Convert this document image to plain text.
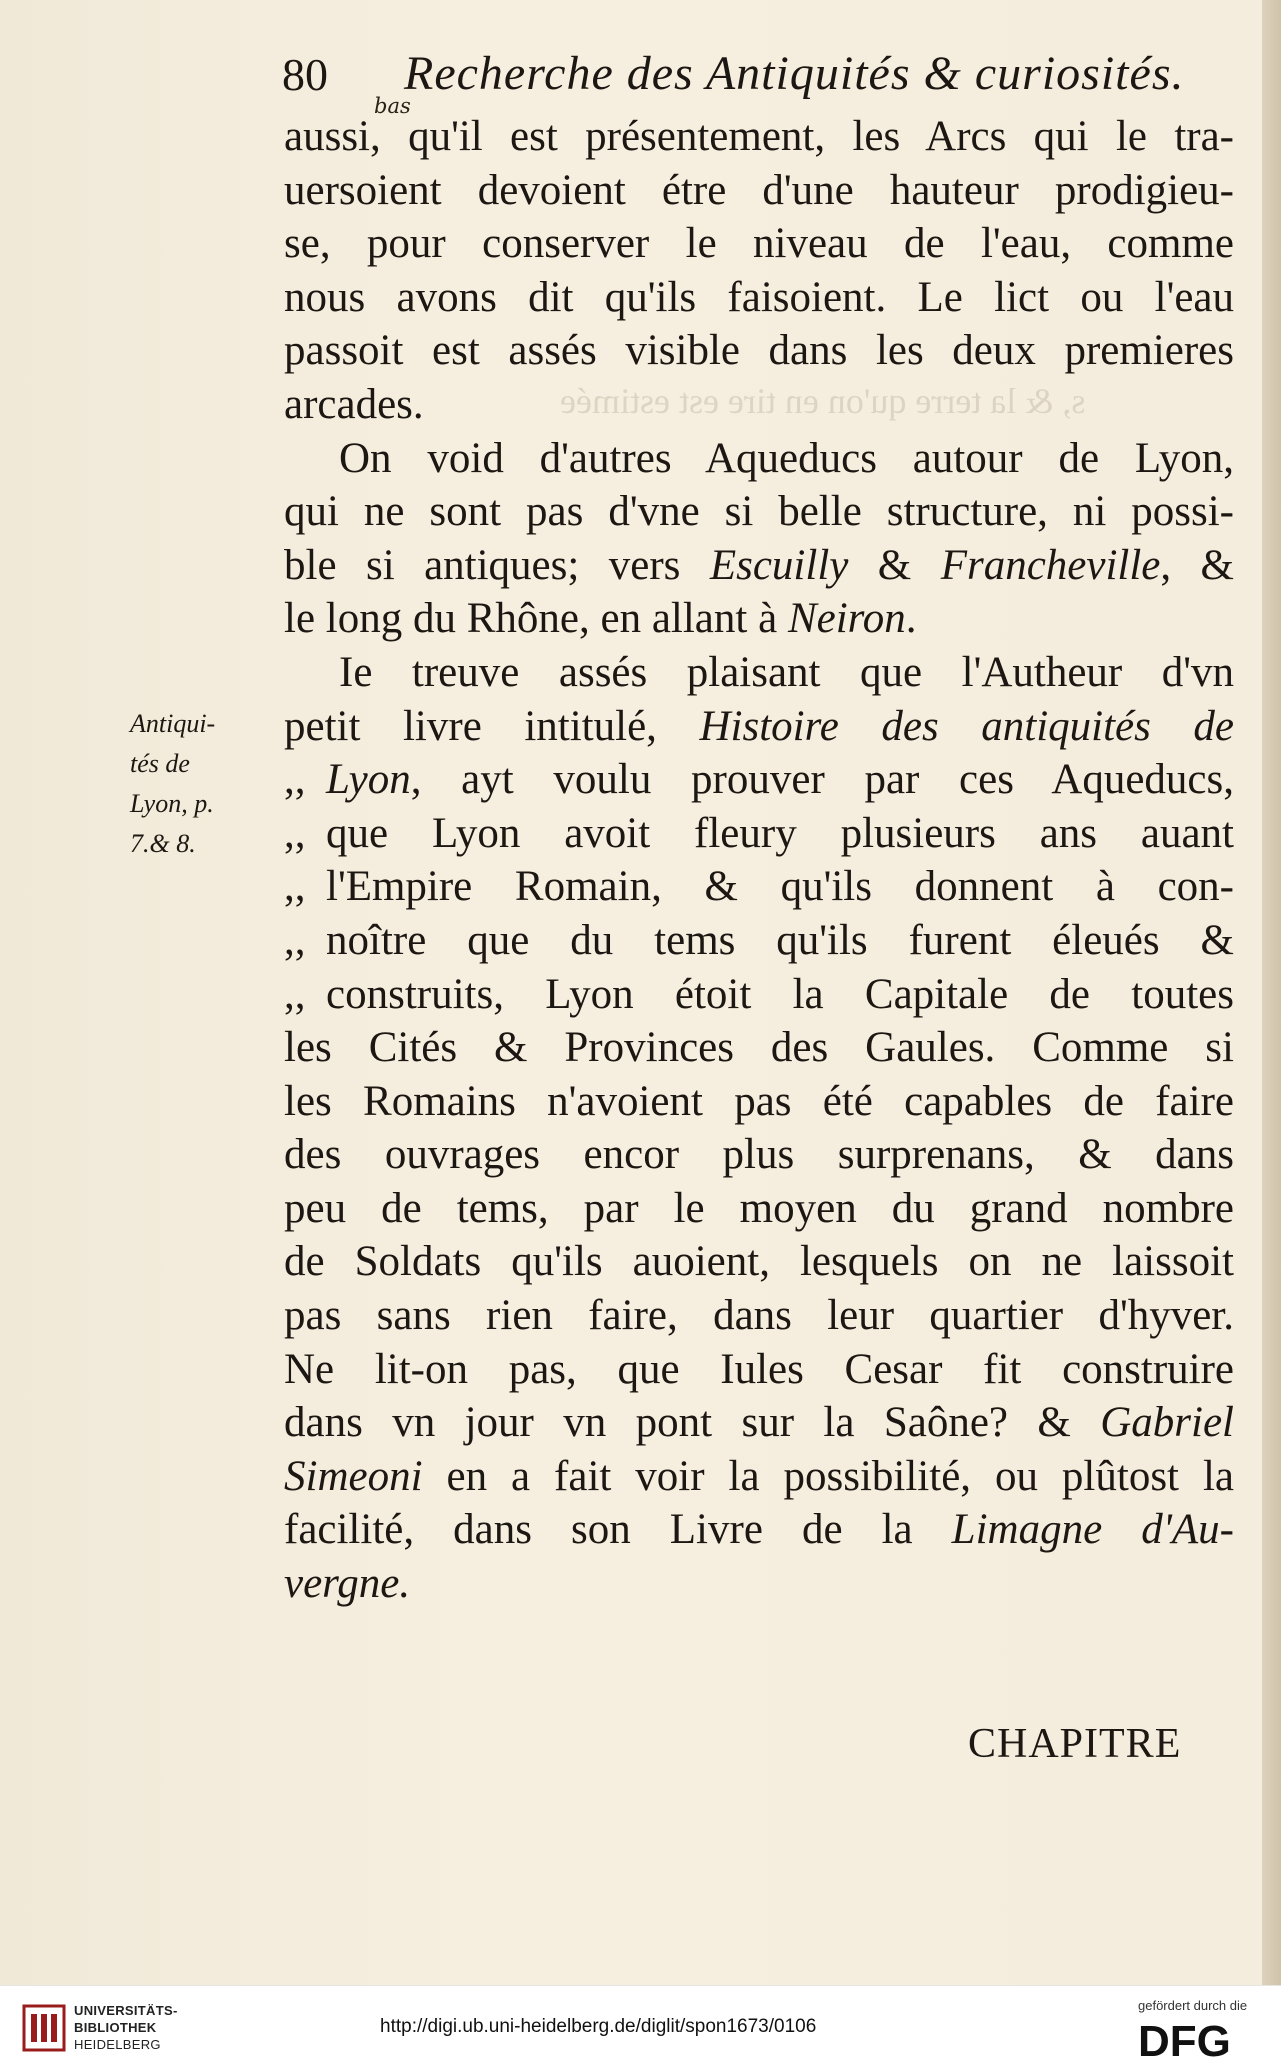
s, & la terre qu'on en tire est estimée
80 Recherche des Antiquités & curiosités.
bas
aussi, qu'il est présentement, les Arcs qui le tra-
uersoient devoient étre d'une hauteur prodigieu-
se, pour conserver le niveau de l'eau, comme
nous avons dit qu'ils faisoient. Le lict ou l'eau
passoit est assés visible dans les deux premieres
arcades.
On void d'autres Aqueducs autour de Lyon,
qui ne sont pas d'vne si belle structure, ni possi-
ble si antiques; vers Escuilly & Francheville, &
le long du Rhône, en allant à Neiron.
Ie treuve assés plaisant que l'Autheur d'vn
petit livre intitulé, Histoire des antiquités de
,, Lyon, ayt voulu prouver par ces Aqueducs,
,, que Lyon avoit fleury plusieurs ans auant
,, l'Empire Romain, & qu'ils donnent à con-
,, noître que du tems qu'ils furent éleués &
,, construits, Lyon étoit la Capitale de toutes
les Cités & Provinces des Gaules. Comme si
les Romains n'avoient pas été capables de faire
des ouvrages encor plus surprenans, & dans
peu de tems, par le moyen du grand nombre
de Soldats qu'ils auoient, lesquels on ne laissoit
pas sans rien faire, dans leur quartier d'hyver.
Ne lit-on pas, que Iules Cesar fit construire
dans vn jour vn pont sur la Saône? & Gabriel
Simeoni en a fait voir la possibilité, ou plûtost la
facilité, dans son Livre de la Limagne d'Au-
vergne.
Antiqui-
tés de
Lyon, p.
7.& 8.
CHAPITRE
UNIVERSITÄTS-
BIBLIOTHEK
HEIDELBERG
http://digi.ub.uni-heidelberg.de/diglit/spon1673/0106
gefördert durch die
DFG
